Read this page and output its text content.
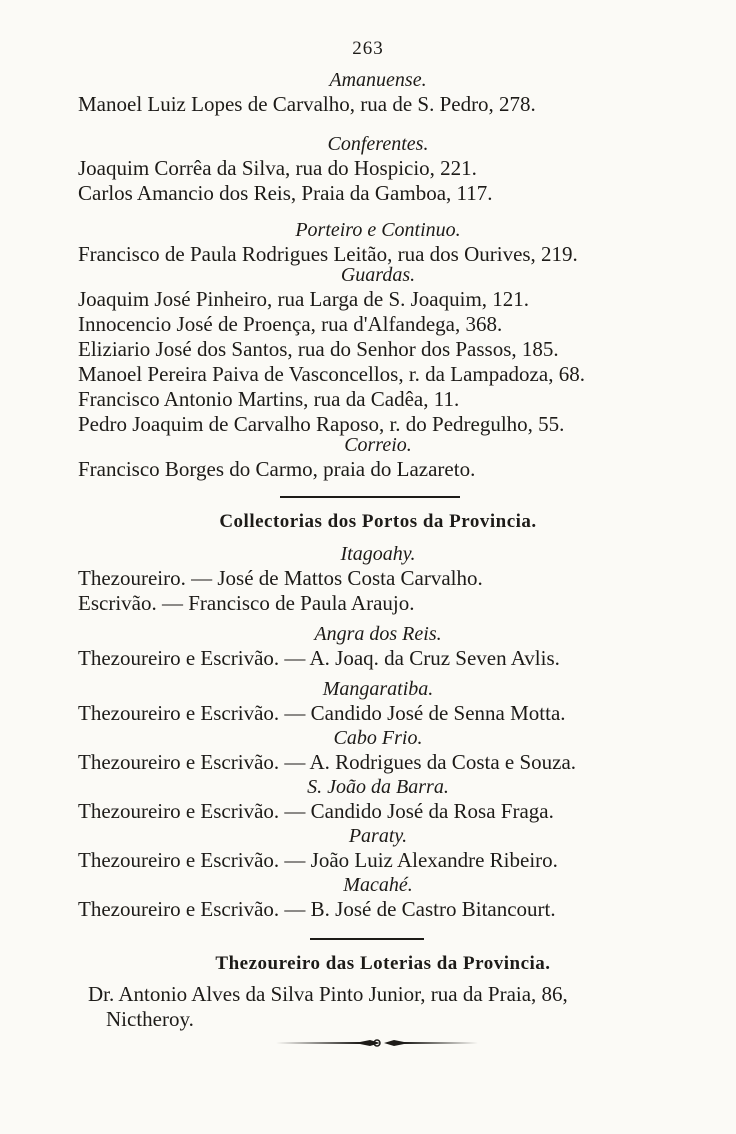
263
Amanuense.
Manoel Luiz Lopes de Carvalho, rua de S. Pedro, 278.
Conferentes.
Joaquim Corrêa da Silva, rua do Hospicio, 221.
Carlos Amancio dos Reis, Praia da Gamboa, 117.
Porteiro e Continuo.
Francisco de Paula Rodrigues Leitão, rua dos Ourives, 219.
Guardas.
Joaquim José Pinheiro, rua Larga de S. Joaquim, 121.
Innocencio José de Proença, rua d'Alfandega, 368.
Eliziario José dos Santos, rua do Senhor dos Passos, 185.
Manoel Pereira Paiva de Vasconcellos, r. da Lampadoza, 68.
Francisco Antonio Martins, rua da Cadêa, 11.
Pedro Joaquim de Carvalho Raposo, r. do Pedregulho, 55.
Correio.
Francisco Borges do Carmo, praia do Lazareto.
Collectorias dos Portos da Provincia.
Itagoahy.
Thezoureiro. — José de Mattos Costa Carvalho.
Escrivão. — Francisco de Paula Araujo.
Angra dos Reis.
Thezoureiro e Escrivão. — A. Joaq. da Cruz Seven Avlis.
Mangaratiba.
Thezoureiro e Escrivão. — Candido José de Senna Motta.
Cabo Frio.
Thezoureiro e Escrivão. — A. Rodrigues da Costa e Souza.
S. João da Barra.
Thezoureiro e Escrivão. — Candido José da Rosa Fraga.
Paraty.
Thezoureiro e Escrivão. — João Luiz Alexandre Ribeiro.
Macahé.
Thezoureiro e Escrivão. — B. José de Castro Bitancourt.
Thezoureiro das Loterias da Provincia.
Dr. Antonio Alves da Silva Pinto Junior, rua da Praia, 86,
Nictheroy.
